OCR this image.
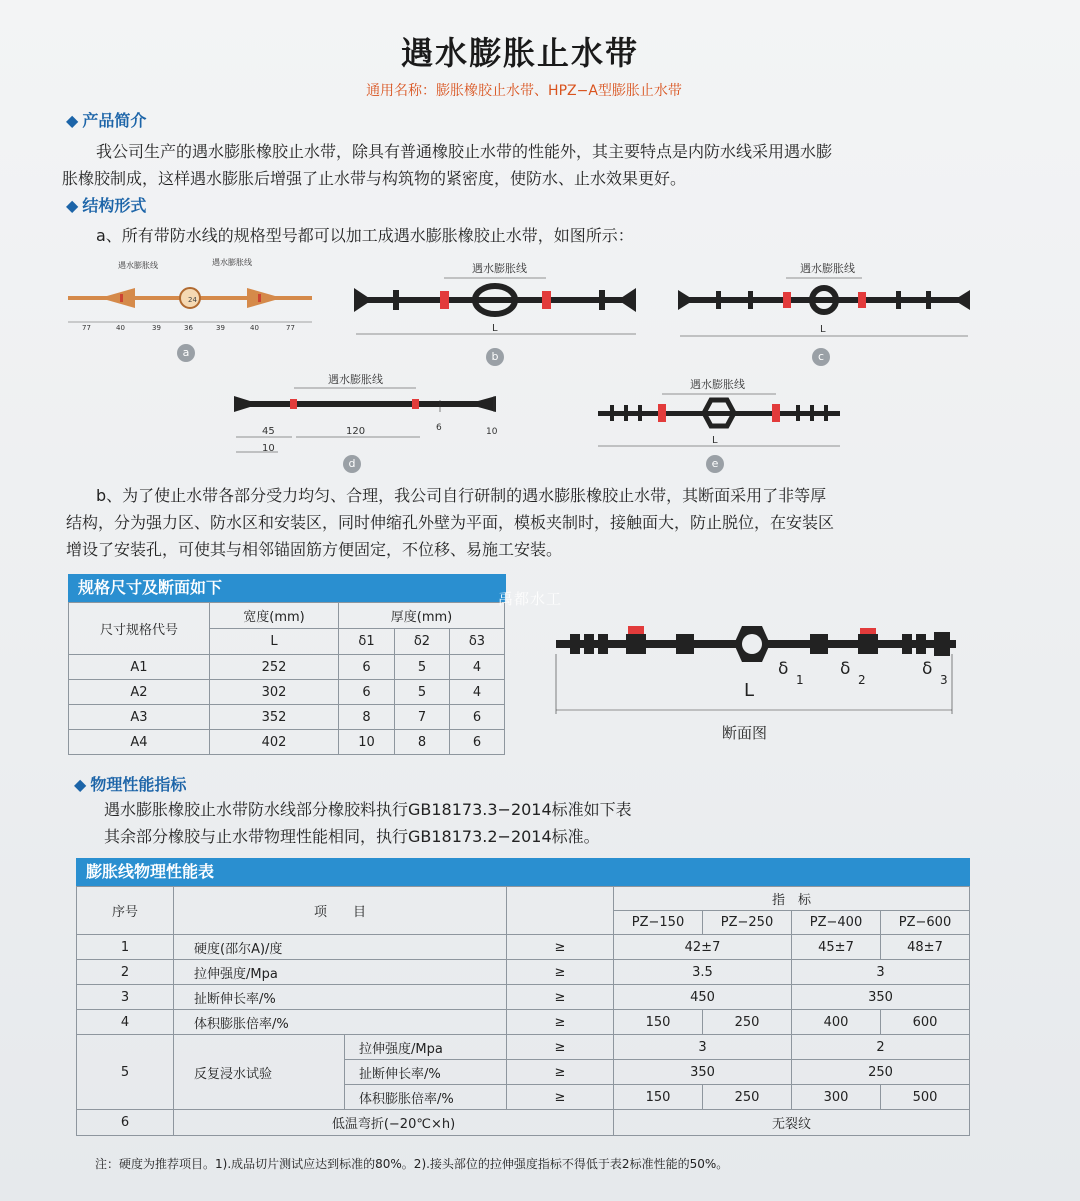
遇水膨胀止水带
通用名称：膨胀橡胶止水带、HPZ−A型膨胀止水带
◆ 产品简介
我公司生产的遇水膨胀橡胶止水带，除具有普通橡胶止水带的性能外，其主要特点是内防水线采用遇水膨
胀橡胶制成，这样遇水膨胀后增强了止水带与构筑物的紧密度，使防水、止水效果更好。
◆ 结构形式
a、所有带防水线的规格型号都可以加工成遇水膨胀橡胶止水带，如图所示：
24
遇水膨胀线	遇水膨胀线
77	40	39	36	39	40	77
遇水膨胀线
L
遇水膨胀线
L
遇水膨胀线
45	120
10
6	10
遇水膨胀线
L
a	b	c
d	e
b、为了使止水带各部分受力均匀、合理，我公司自行研制的遇水膨胀橡胶止水带，其断面采用了非等厚
结构，分为强力区、防水区和安装区，同时伸缩孔外壁为平面，模板夹制时，接触面大，防止脱位，在安装区
增设了安装孔，可使其与相邻锚固筋方便固定，不位移、易施工安装。
规格尺寸及断面如下
尺寸规格代号	宽度(mm)	厚度(mm)		
	L	δ1	δ2	δ3
A1	252	6	5	4
A2	302	6	5	4
A3	352	8	7	6
A4	402	10	8	6
禹都水工
L
δ
1
δ
2
δ
3
断面图
◆ 物理性能指标
遇水膨胀橡胶止水带防水线部分橡胶料执行GB18173.3−2014标准如下表
其余部分橡胶与止水带物理性能相同，执行GB18173.2−2014标准。
膨胀线物理性能表
序号	项　　目			指　标			
				PZ−150	PZ−250	PZ−400	PZ−600
1	硬度(邵尔A)/度		≥	42±7		45±7	48±7
2	拉伸强度/Mpa		≥	3.5		3	
3	扯断伸长率/%		≥	450		350	
4	体积膨胀倍率/%		≥	150	250	400	600
5	反复浸水试验	拉伸强度/Mpa	≥	3		2	
		扯断伸长率/%	≥	350		250	
		体积膨胀倍率/%	≥	150	250	300	500
6	低温弯折(−20℃×h)			无裂纹			
注：硬度为推荐项目。1).成品切片测试应达到标准的80%。2).接头部位的拉伸强度指标不得低于表2标准性能的50%。
